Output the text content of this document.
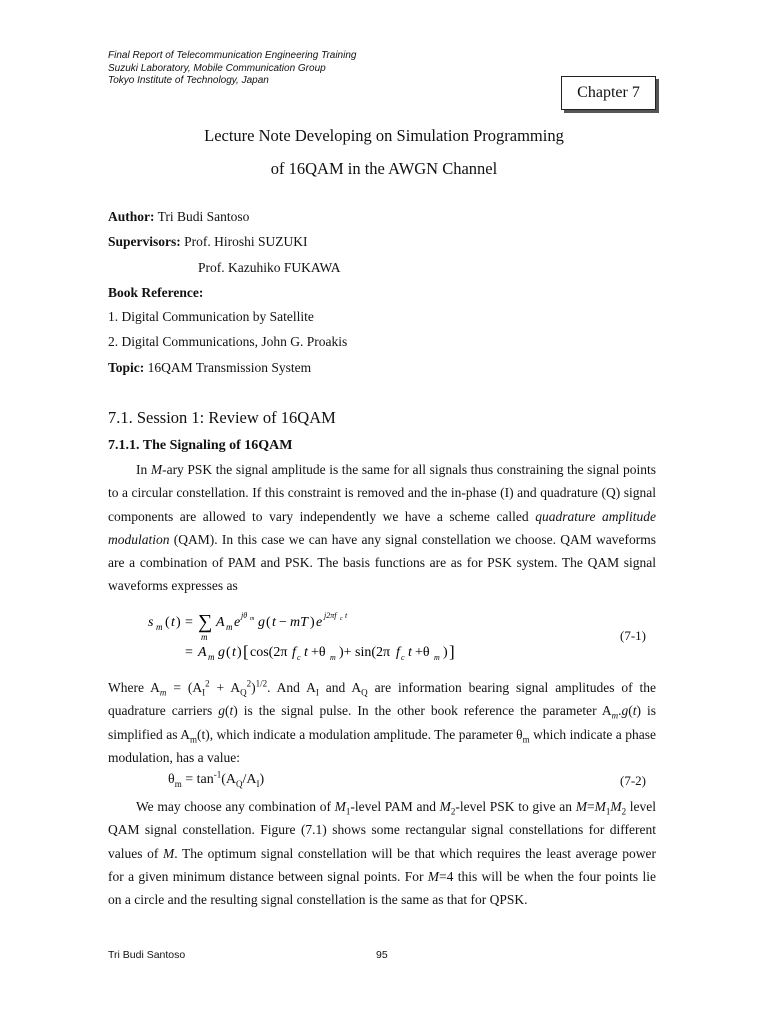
Final Report of Telecommunication Engineering Training
Suzuki Laboratory, Mobile Communication Group
Tokyo Institute of Technology, Japan
Chapter 7
Lecture Note Developing on Simulation Programming
of 16QAM in the AWGN Channel
Author: Tri Budi Santoso
Supervisors: Prof. Hiroshi SUZUKI
Prof. Kazuhiko FUKAWA
Book Reference:
1. Digital Communication by Satellite
2. Digital Communications, John G. Proakis
Topic: 16QAM Transmission System
7.1. Session 1: Review of 16QAM
7.1.1. The Signaling of 16QAM
In M-ary PSK the signal amplitude is the same for all signals thus constraining the signal points to a circular constellation. If this constraint is removed and the in-phase (I) and quadrature (Q) signal components are allowed to vary independently we have a scheme called quadrature amplitude modulation (QAM). In this case we can have any signal constellation we choose. QAM waveforms are a combination of PAM and PSK. The basis functions are as for PSK system. The QAM signal waveforms expresses as
s m ( t ) = ∑
m
A m e jθ m g ( t − mT ) e j2πf c t
= A m g ( t ) [ cos(2π f c t +θ m )+ sin(2π f c t +θ m ) ]
(7-1)
Where $A_m = (A_I^2 + A_Q^2)^{1/2}$. And $A_I$ and $A_Q$ are information bearing signal amplitudes of the quadrature carriers g(t) is the signal pulse. In the other book reference the parameter $A_m.g(t)$ is simplified as $A_m(t)$, which indicate a modulation amplitude. The parameter $\theta_m$ which indicate a phase modulation, has a value:
$\theta_m = \tan^{-1}(A_Q/A_I)$	(7-2)
We may choose any combination of $M_1$-level PAM and $M_2$-level PSK to give an $M=M_1M_2$ level QAM signal constellation. Figure (7.1) shows some rectangular signal constellations for different values of M. The optimum signal constellation will be that which requires the least average power for a given minimum distance between signal points. For M=4 this will be when the four points lie on a circle and the resulting signal constellation is the same as that for QPSK.
Tri Budi Santoso	95
